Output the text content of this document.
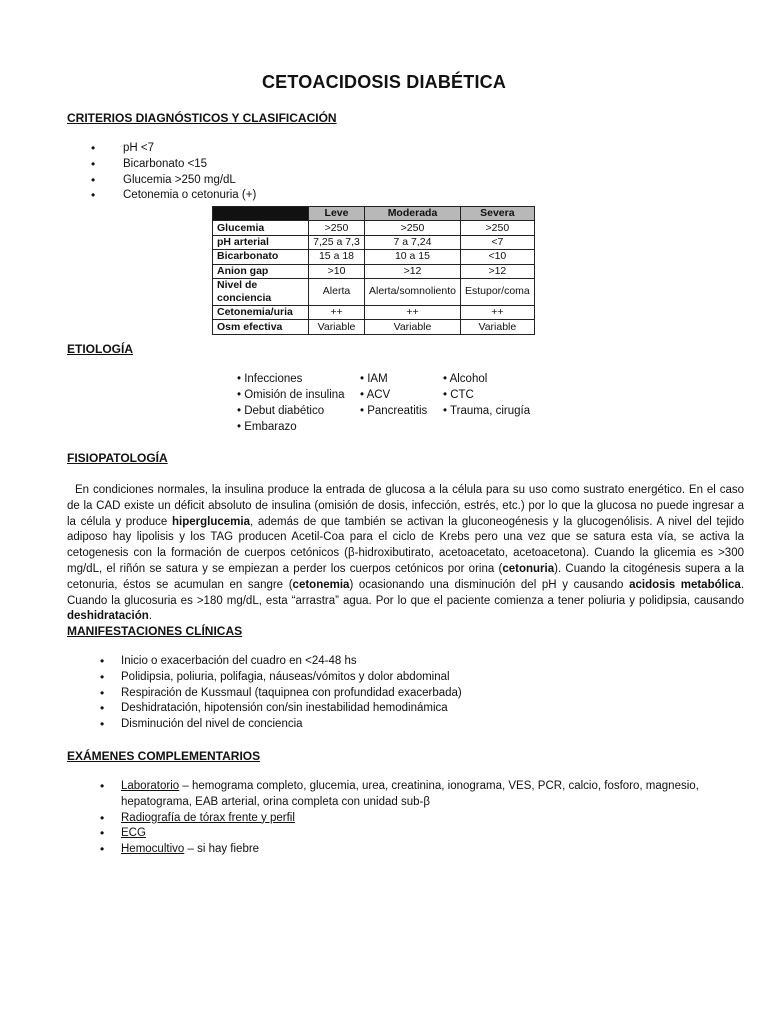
CETOACIDOSIS DIABÉTICA
CRITERIOS DIAGNÓSTICOS Y CLASIFICACIÓN
• pH <7
• Bicarbonato <15
• Glucemia >250 mg/dL
• Cetonemia o cetonuria (+)
	Leve	Moderada	Severa
Glucemia	>250	>250	>250
pH arterial	7,25 a 7,3	7 a 7,24	<7
Bicarbonato	15 a 18	10 a 15	<10
Anion gap	>10	>12	>12
Nivel de conciencia	Alerta	Alerta/somnoliento	Estupor/coma
Cetonemia/uria	++	++	++
Osm efectiva	Variable	Variable	Variable
ETIOLOGÍA
• Infecciones
• Omisión de insulina
• Debut diabético
• Embarazo
• IAM
• ACV
• Pancreatitis
• Alcohol
• CTC
• Trauma, cirugía
FISIOPATOLOGÍA
En condiciones normales, la insulina produce la entrada de glucosa a la célula para su uso como sustrato energético. En el caso de la CAD existe un déficit absoluto de insulina (omisión de dosis, infección, estrés, etc.) por lo que la glucosa no puede ingresar a la célula y produce hiperglucemia, además de que también se activan la gluconeogénesis y la glucogenólisis. A nivel del tejido adiposo hay lipolisis y los TAG producen Acetil-Coa para el ciclo de Krebs pero una vez que se satura esta vía, se activa la cetogenesis con la formación de cuerpos cetónicos (β-hidroxibutirato, acetoacetato, acetoacetona). Cuando la glicemia es >300 mg/dL, el riñón se satura y se empiezan a perder los cuerpos cetónicos por orina (cetonuria). Cuando la citogénesis supera a la cetonuria, éstos se acumulan en sangre (cetonemia) ocasionando una disminución del pH y causando acidosis metabólica. Cuando la glucosuria es >180 mg/dL, esta “arrastra” agua. Por lo que el paciente comienza a tener poliuria y polidipsia, causando deshidratación.
MANIFESTACIONES CLÍNICAS
• Inicio o exacerbación del cuadro en <24-48 hs
• Polidipsia, poliuria, polifagia, náuseas/vómitos y dolor abdominal
• Respiración de Kussmaul (taquipnea con profundidad exacerbada)
• Deshidratación, hipotensión con/sin inestabilidad hemodinámica
• Disminución del nivel de conciencia
EXÁMENES COMPLEMENTARIOS
• Laboratorio – hemograma completo, glucemia, urea, creatinina, ionograma, VES, PCR, calcio, fosforo, magnesio, hepatograma, EAB arterial, orina completa con unidad sub-β
• Radiografía de tórax frente y perfil
• ECG
• Hemocultivo – si hay fiebre
